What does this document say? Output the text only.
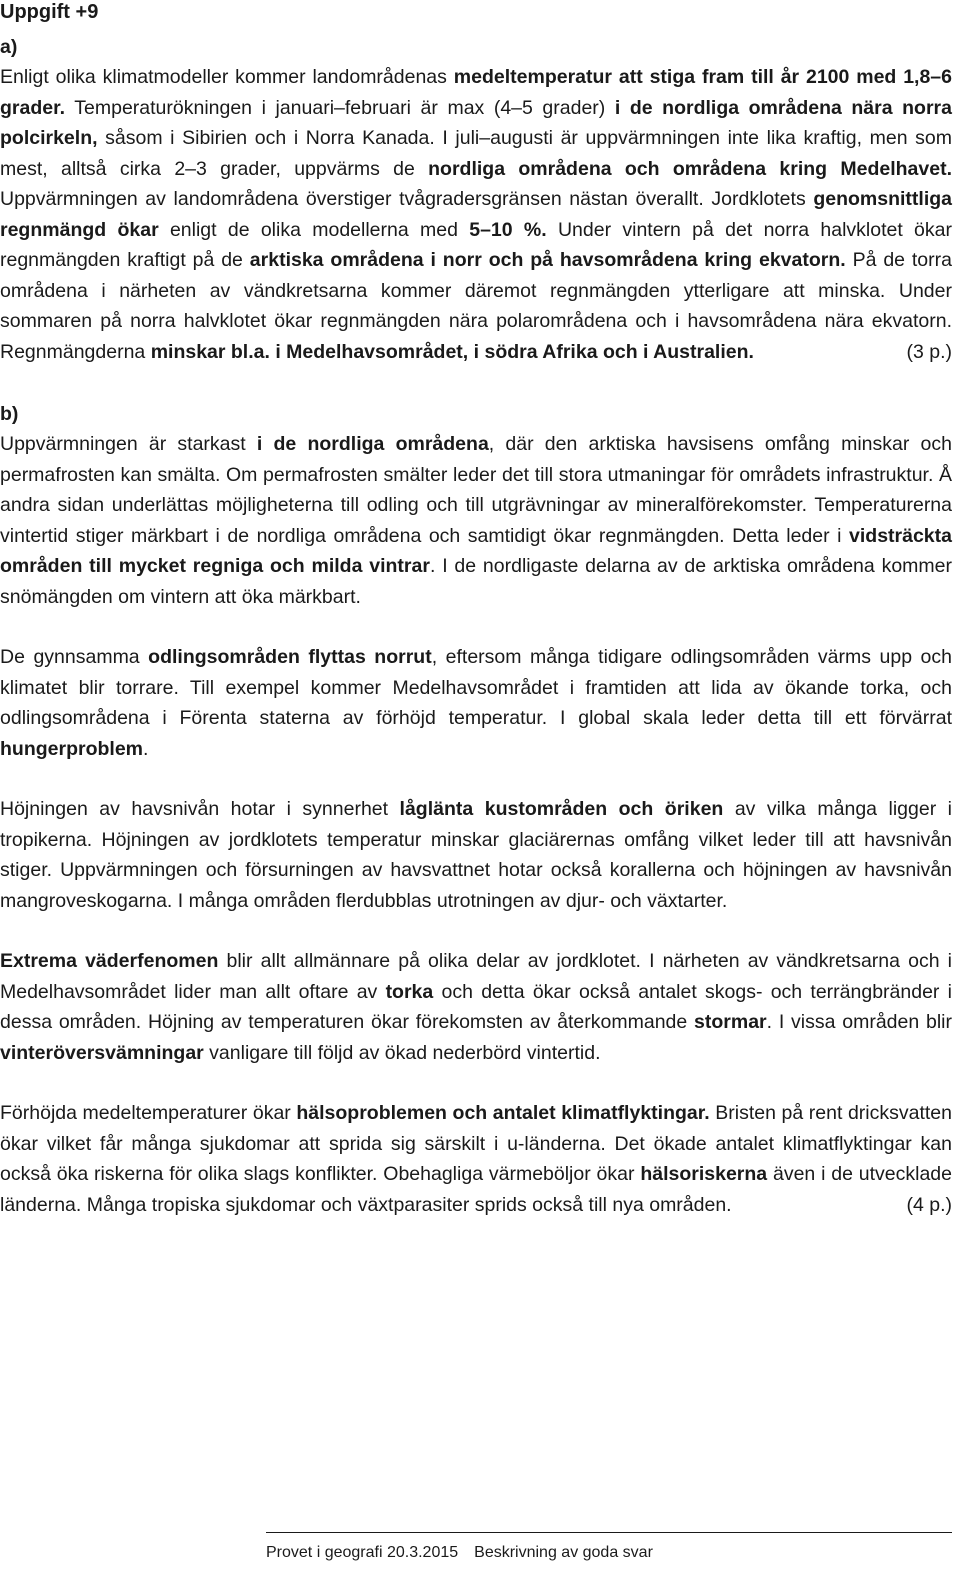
Uppgift +9
a)

Enligt olika klimatmodeller kommer landområdenas medeltemperatur att stiga fram till år 2100 med 1,8–6 grader. Temperaturökningen i januari–februari är max (4–5 grader) i de nordliga områdena nära norra polcirkeln, såsom i Sibirien och i Norra Kanada. I juli–augusti är uppvärmningen inte lika kraftig, men som mest, alltså cirka 2–3 grader, uppvärms de nordliga områdena och områdena kring Medelhavet. Uppvärmningen av landområdena överstiger tvågradersgränsen nästan överallt. Jordklotets genomsnittliga regnmängd ökar enligt de olika modellerna med 5–10 %. Under vintern på det norra halvklotet ökar regnmängden kraftigt på de arktiska områdena i norr och på havsområdena kring ekvatorn. På de torra områdena i närheten av vändkretsarna kommer däremot regnmängden ytterligare att minska. Under sommaren på norra halvklotet ökar regnmängden nära polarområdena och i havsområdena nära ekvatorn. Regnmängderna minskar bl.a. i Medelhavsområdet, i södra Afrika och i Australien.	(3 p.)

b)

Uppvärmningen är starkast i de nordliga områdena, där den arktiska havsisens omfång minskar och permafrosten kan smälta. Om permafrosten smälter leder det till stora utmaningar för områdets infrastruktur. Å andra sidan underlättas möjligheterna till odling och till utgrävningar av mineralförekomster. Temperaturerna vintertid stiger märkbart i de nordliga områdena och samtidigt ökar regnmängden. Detta leder i vidsträckta områden till mycket regniga och milda vintrar. I de nordligaste delarna av de arktiska områdena kommer snömängden om vintern att öka märkbart.

De gynnsamma odlingsområden flyttas norrut, eftersom många tidigare odlingsområden värms upp och klimatet blir torrare. Till exempel kommer Medelhavsområdet i framtiden att lida av ökande torka, och odlingsområdena i Förenta staterna av förhöjd temperatur. I global skala leder detta till ett förvärrat hungerproblem.

Höjningen av havsnivån hotar i synnerhet låglänta kustområden och öriken av vilka många ligger i tropikerna. Höjningen av jordklotets temperatur minskar glaciärernas omfång vilket leder till att havsnivån stiger. Uppvärmningen och försurningen av havsvattnet hotar också korallerna och höjningen av havsnivån mangroveskogarna. I många områden flerdubblas utrotningen av djur- och växtarter.

Extrema väderfenomen blir allt allmännare på olika delar av jordklotet. I närheten av vändkretsarna och i Medelhavsområdet lider man allt oftare av torka och detta ökar också antalet skogs- och terrängbränder i dessa områden. Höjning av temperaturen ökar förekomsten av återkommande stormar. I vissa områden blir vinteröversvämningar vanligare till följd av ökad nederbörd vintertid.

Förhöjda medeltemperaturer ökar hälsoproblemen och antalet klimatflyktingar. Bristen på rent dricksvatten ökar vilket får många sjukdomar att sprida sig särskilt i u-länderna. Det ökade antalet klimatflyktingar kan också öka riskerna för olika slags konflikter. Obehagliga värmeböljor ökar hälsoriskerna även i de utvecklade länderna. Många tropiska sjukdomar och växtparasiter sprids också till nya områden.	(4 p.)

Provet i geografi 20.3.2015 Beskrivning av goda svar
